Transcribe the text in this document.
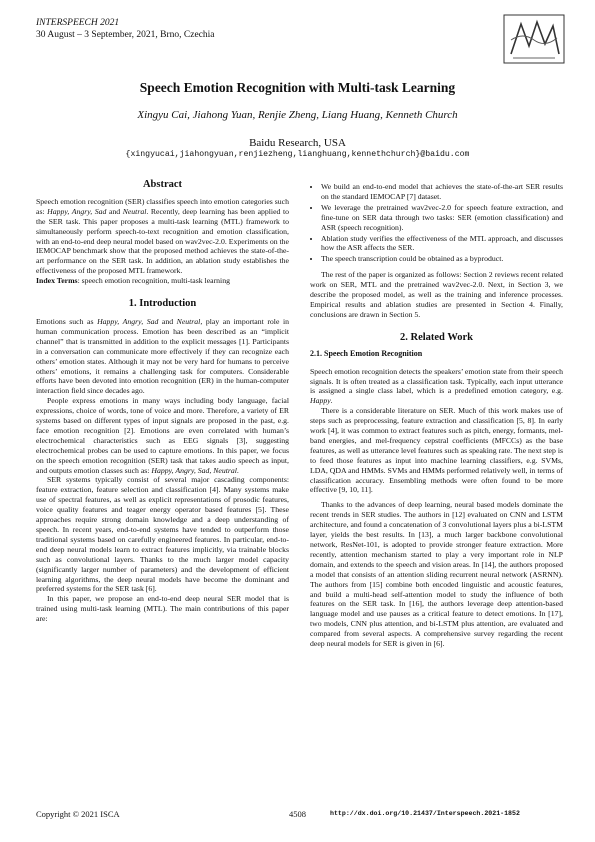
INTERSPEECH 2021
30 August – 3 September, 2021, Brno, Czechia
Speech Emotion Recognition with Multi-task Learning
Xingyu Cai, Jiahong Yuan, Renjie Zheng, Liang Huang, Kenneth Church
Baidu Research, USA
{xingyucai,jiahongyuan,renjiezheng,lianghuang,kennethchurch}@baidu.com

Abstract

Speech emotion recognition (SER) classifies speech into emotion categories such as: Happy, Angry, Sad and Neutral. Recently, deep learning has been applied to the SER task. This paper proposes a multi-task learning (MTL) framework to simultaneously perform speech-to-text recognition and emotion classification, with an end-to-end deep neural model based on wav2vec-2.0. Experiments on the IEMOCAP benchmark show that the proposed method achieves the state-of-the-art performance on the SER task. In addition, an ablation study establishes the effectiveness of the proposed MTL framework.

Index Terms: speech emotion recognition, multi-task learning

1. Introduction

Emotions such as Happy, Angry, Sad and Neutral, play an important role in human communication process. Emotion has been described as an “implicit channel” that is transmitted in addition to the explicit messages [1]. Participants in a conversation can communicate more effectively if they can recognize each others’ emotion states. Although it may not be very hard for humans to perceive others’ emotions, it remains a challenging task for computers. Considerable efforts have been devoted into emotion recognition (ER) in the human-computer interaction field since decades ago.

People express emotions in many ways including body language, facial expressions, choice of words, tone of voice and more. Therefore, a variety of ER systems based on different types of input signals are proposed in the past, e.g. face emotion recognition [2]. Emotions are even correlated with human’s electrochemical characteristics such as EEG signals [3], suggesting electrochemical probes can be used to capture emotions. In this paper, we focus on the speech emotion recognition (SER) task that takes audio speech as input, and outputs emotion classes such as: Happy, Angry, Sad, Neutral.

SER systems typically consist of several major cascading components: feature extraction, feature selection and classification [4]. Many systems make use of spectral features, as well as explicit representations of prosodic features, voice quality features and teager energy operator based features [5]. These approaches require strong domain knowledge and a deep understanding of speech. In recent years, end-to-end systems have tended to outperform those traditional systems based on carefully engineered features. In particular, end-to-end deep neural models learn to extract features implicitly, via trainable blocks such as convolutional layers. Thanks to the much larger model capacity (significantly larger number of parameters) and the development of efficient learning algorithms, the deep neural models have become the dominant and preferred systems for the SER task [6].

In this paper, we propose an end-to-end deep neural SER model that is trained using multi-task learning (MTL). The main contributions of this paper are:

• We build an end-to-end model that achieves the state-of-the-art SER results on the standard IEMOCAP [7] dataset.
• We leverage the pretrained wav2vec-2.0 for speech feature extraction, and fine-tune on SER data through two tasks: SER (emotion classification) and ASR (speech recognition).
• Ablation study verifies the effectiveness of the MTL approach, and discusses how the ASR affects the SER.
• The speech transcription could be obtained as a byproduct.

The rest of the paper is organized as follows: Section 2 reviews recent related work on SER, MTL and the pretrained wav2vec-2.0. Next, in Section 3, we describe the proposed model, as well as the training and inference processes. Empirical results and ablation studies are presented in Section 4. Finally, conclusions are drawn in Section 5.

2. Related Work

2.1. Speech Emotion Recognition

Speech emotion recognition detects the speakers’ emotion state from their speech signals. It is often treated as a classification task. Typically, each input utterance is assigned a single class label, which is a predefined emotion category, e.g. Happy.

There is a considerable literature on SER. Much of this work makes use of steps such as preprocessing, feature extraction and classification [5, 8]. In early work [4], it was common to extract features such as pitch, energy, formants, mel-band energies, and mel-frequency cepstral coefficients (MFCCs) as the base features, as well as utterance level features such as speaking rate. The next step is to feed those features as input into machine learning classifiers, e.g. SVMs, LDA, QDA and HMMs. SVMs and HMMs performed relatively well, in terms of classification accuracy. Ensembling methods were often found to be more effective [9, 10, 11].

Thanks to the advances of deep learning, neural based models dominate the recent trends in SER studies. The authors in [12] evaluated on CNN and LSTM architecture, and found a concatenation of 3 convolutional layers plus a bi-LSTM layer, yields the best results. In [13], a much larger backbone convolutional network, ResNet-101, is adopted to provide stronger feature extraction. More recently, attention mechanism started to play a very important role in NLP domain, and extends to the speech and vision areas. In [14], the authors proposed a model that consists of an attention sliding recurrent neural network (ASRNN). The authors from [15] combine both encoded linguistic and acoustic features, and build a multi-head self-attention model to study the influence of both features on the SER task. In [16], the authors leverage deep attention-based language model and use pauses as a critical feature to detect emotions. In [17], two models, CNN plus attention, and bi-LSTM plus attention, are evaluated and compared from several aspects. A comprehensive survey regarding the recent deep neural models for SER is given in [6].

Copyright © 2021 ISCA	4508	http://dx.doi.org/10.21437/Interspeech.2021-1852
